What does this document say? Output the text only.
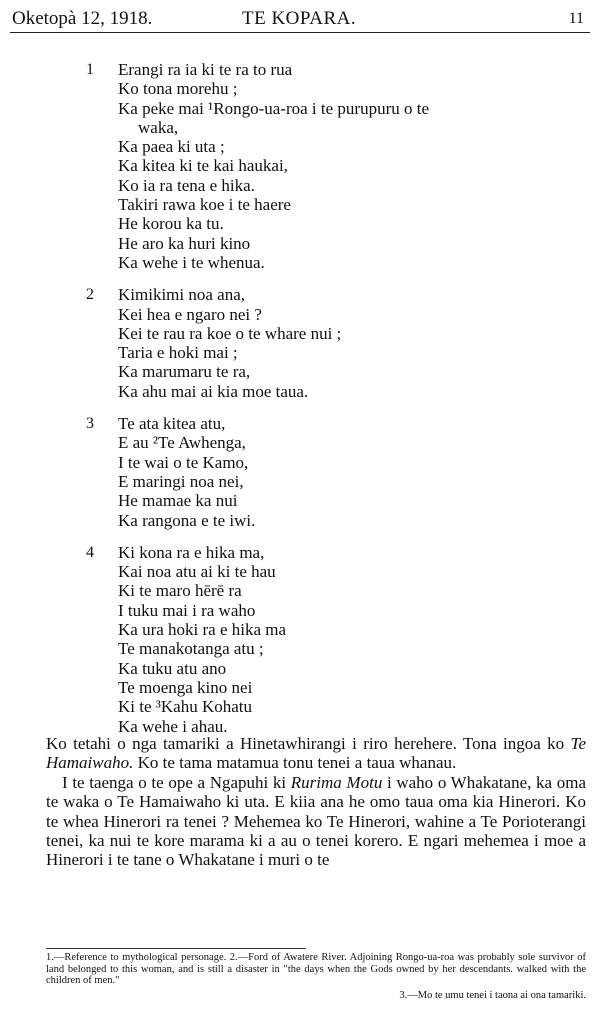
Oketopà 12, 1918.	TE KOPARA.	11
1 Erangi ra ia ki te ra to rua
Ko tona morehu ;
Ka peke mai ¹Rongo-ua-roa i te purupuru o te
waka,
Ka paea ki uta ;
Ka kitea ki te kai haukai,
Ko ia ra tena e hika.
Takiri rawa koe i te haere
He korou ka tu.
He aro ka huri kino
Ka wehe i te whenua.
2 Kimikimi noa ana,
Kei hea e ngaro nei ?
Kei te rau ra koe o te whare nui ;
Taria e hoki mai ;
Ka marumaru te ra,
Ka ahu mai ai kia moe taua.
3 Te ata kitea atu,
E au ²Te Awhenga,
I te wai o te Kamo,
E maringi noa nei,
He mamae ka nui
Ka rangona e te iwi.
4 Ki kona ra e hika ma,
Kai noa atu ai ki te hau
Ki te maro hērē ra
I tuku mai i ra waho
Ka ura hoki ra e hika ma
Te manakotanga atu ;
Ka tuku atu ano
Te moenga kino nei
Ki te ³Kahu Kohatu
Ka wehe i ahau.

Ko tetahi o nga tamariki a Hinetawhirangi i riro herehere. Tona ingoa ko Te Hamaiwaho. Ko te tama matamua tonu tenei a taua whanau.

I te taenga o te ope a Ngapuhi ki Rurima Motu i waho o Whakatane, ka oma te waka o Te Hamaiwaho ki uta. E kiia ana he omo taua oma kia Hinerori. Ko te whea Hinerori ra tenei ? Mehemea ko Te Hinerori, wahine a Te Porioterangi tenei, ka nui te kore marama ki a au o tenei korero. E ngari mehemea i moe a Hinerori i te tane o Whakatane i muri o te

1.—Reference to mythological personage. 2.—Ford of Awatere River. Adjoining Rongo-ua-roa was probably sole survivor of land belonged to this woman, and is still a disaster in "the days when the Gods owned by her descendants. walked with the children of men."

3.—Mo te umu tenei i taona ai ona tamariki.
